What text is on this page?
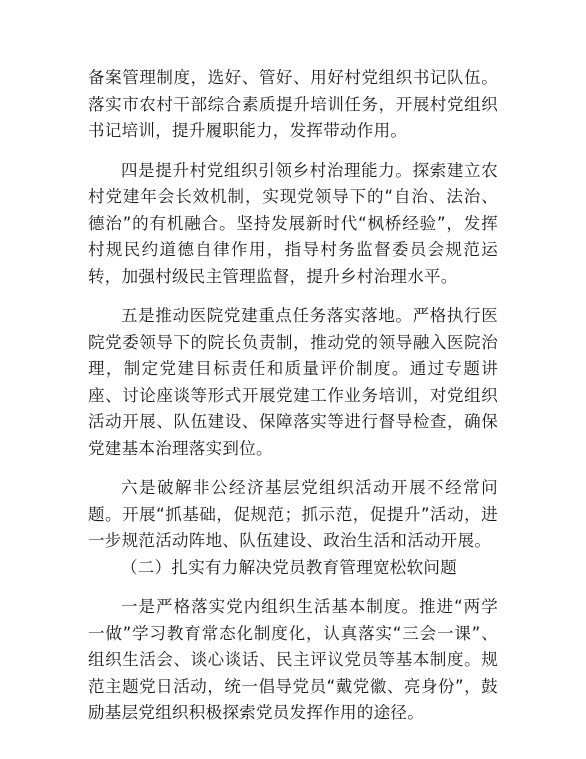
备案管理制度，选好、管好、用好村党组织书记队伍。落实市农村干部综合素质提升培训任务，开展村党组织书记培训，提升履职能力，发挥带动作用。

四是提升村党组织引领乡村治理能力。探索建立农村党建年会长效机制，实现党领导下的“自治、法治、德治”的有机融合。坚持发展新时代“枫桥经验”，发挥村规民约道德自律作用，指导村务监督委员会规范运转，加强村级民主管理监督，提升乡村治理水平。

五是推动医院党建重点任务落实落地。严格执行医院党委领导下的院长负责制，推动党的领导融入医院治理，制定党建目标责任和质量评价制度。通过专题讲座、讨论座谈等形式开展党建工作业务培训，对党组织活动开展、队伍建设、保障落实等进行督导检查，确保党建基本治理落实到位。

六是破解非公经济基层党组织活动开展不经常问题。开展“抓基础，促规范；抓示范，促提升”活动，进一步规范活动阵地、队伍建设、政治生活和活动开展。

（二）扎实有力解决党员教育管理宽松软问题

一是严格落实党内组织生活基本制度。推进“两学一做”学习教育常态化制度化，认真落实“三会一课”、组织生活会、谈心谈话、民主评议党员等基本制度。规范主题党日活动，统一倡导党员“戴党徽、亮身份”，鼓励基层党组织积极探索党员发挥作用的途径。
